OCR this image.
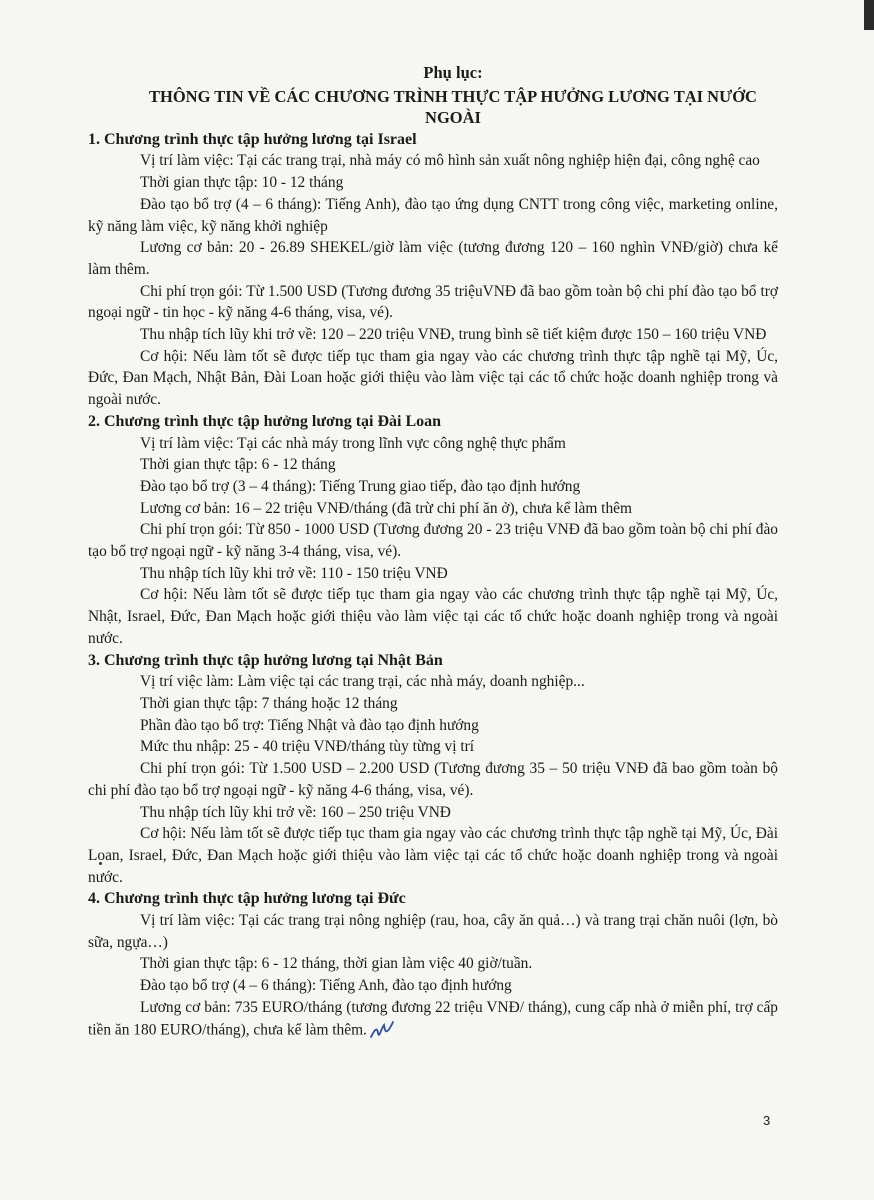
Phụ lục:

THÔNG TIN VỀ CÁC CHƯƠNG TRÌNH THỰC TẬP HƯỞNG LƯƠNG TẠI NƯỚC NGOÀI

1. Chương trình thực tập hưởng lương tại Israel

Vị trí làm việc: Tại các trang trại, nhà máy có mô hình sản xuất nông nghiệp hiện đại, công nghệ cao

Thời gian thực tập: 10 - 12 tháng

Đào tạo bổ trợ (4 – 6 tháng): Tiếng Anh), đào tạo ứng dụng CNTT trong công việc, marketing online, kỹ năng làm việc, kỹ năng khởi nghiệp

Lương cơ bản: 20 - 26.89 SHEKEL/giờ làm việc (tương đương 120 – 160 nghìn VNĐ/giờ) chưa kể làm thêm.

Chi phí trọn gói: Từ 1.500 USD (Tương đương 35 triệuVNĐ đã bao gồm toàn bộ chi phí đào tạo bổ trợ ngoại ngữ - tin học - kỹ năng 4-6 tháng, visa, vé).

Thu nhập tích lũy khi trở về: 120 – 220 triệu VNĐ, trung bình sẽ tiết kiệm được 150 – 160 triệu VNĐ

Cơ hội: Nếu làm tốt sẽ được tiếp tục tham gia ngay vào các chương trình thực tập nghề tại Mỹ, Úc, Đức, Đan Mạch, Nhật Bản, Đài Loan hoặc giới thiệu vào làm việc tại các tổ chức hoặc doanh nghiệp trong và ngoài nước.

2. Chương trình thực tập hưởng lương tại Đài Loan

Vị trí làm việc: Tại các nhà máy trong lĩnh vực công nghệ thực phẩm

Thời gian thực tập: 6 - 12 tháng

Đào tạo bổ trợ (3 – 4 tháng): Tiếng Trung giao tiếp, đào tạo định hướng

Lương cơ bản: 16 – 22 triệu VNĐ/tháng (đã trừ chi phí ăn ở), chưa kể làm thêm

Chi phí trọn gói: Từ 850 - 1000 USD (Tương đương 20 - 23 triệu VNĐ đã bao gồm toàn bộ chi phí đào tạo bổ trợ ngoại ngữ - kỹ năng 3-4 tháng, visa, vé).

Thu nhập tích lũy khi trở về: 110 - 150 triệu VNĐ

Cơ hội: Nếu làm tốt sẽ được tiếp tục tham gia ngay vào các chương trình thực tập nghề tại Mỹ, Úc, Nhật, Israel, Đức, Đan Mạch hoặc giới thiệu vào làm việc tại các tổ chức hoặc doanh nghiệp trong và ngoài nước.

3. Chương trình thực tập hưởng lương tại Nhật Bản

Vị trí việc làm: Làm việc tại các trang trại, các nhà máy, doanh nghiệp...

Thời gian thực tập: 7 tháng hoặc 12 tháng

Phần đào tạo bổ trợ: Tiếng Nhật và đào tạo định hướng

Mức thu nhập: 25 - 40 triệu VNĐ/tháng tùy từng vị trí

Chi phí trọn gói: Từ 1.500 USD – 2.200 USD (Tương đương 35 – 50 triệu VNĐ đã bao gồm toàn bộ chi phí đào tạo bổ trợ ngoại ngữ - kỹ năng 4-6 tháng, visa, vé).

Thu nhập tích lũy khi trở về: 160 – 250 triệu VNĐ

Cơ hội: Nếu làm tốt sẽ được tiếp tục tham gia ngay vào các chương trình thực tập nghề tại Mỹ, Úc, Đài Loan, Israel, Đức, Đan Mạch hoặc giới thiệu vào làm việc tại các tổ chức hoặc doanh nghiệp trong và ngoài nước.

4. Chương trình thực tập hưởng lương tại Đức

Vị trí làm việc: Tại các trang trại nông nghiệp (rau, hoa, cây ăn quả…) và trang trại chăn nuôi (lợn, bò sữa, ngựa…)

Thời gian thực tập: 6 - 12 tháng, thời gian làm việc 40 giờ/tuần.

Đào tạo bổ trợ (4 – 6 tháng): Tiếng Anh, đào tạo định hướng

Lương cơ bản: 735 EURO/tháng (tương đương 22 triệu VNĐ/ tháng), cung cấp nhà ở miễn phí, trợ cấp tiền ăn 180 EURO/tháng), chưa kể làm thêm.

3
